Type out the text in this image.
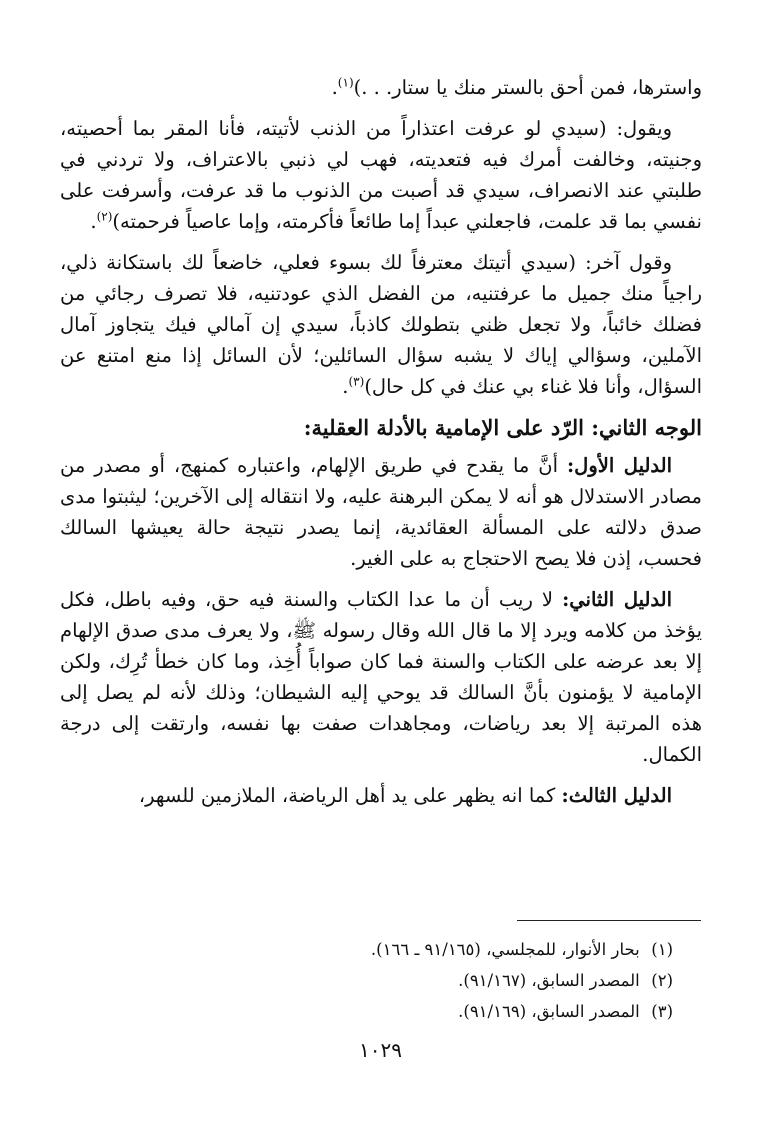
واسترها، فمن أحق بالستر منك يا ستار. . .)$^{(١)}$.

ويقول: (سيدي لو عرفت اعتذاراً من الذنب لأتيته، فأنا المقر بما أحصيته، وجنيته، وخالفت أمرك فيه فتعديته، فهب لي ذنبي بالاعتراف، ولا تردني في طلبتي عند الانصراف، سيدي قد أصبت من الذنوب ما قد عرفت، وأسرفت على نفسي بما قد علمت، فاجعلني عبداً إما طائعاً فأكرمته، وإما عاصياً فرحمته)$^{(٢)}$.

وقول آخر: (سيدي أتيتك معترفاً لك بسوء فعلي، خاضعاً لك باستكانة ذلي، راجياً منك جميل ما عرفتنيه، من الفضل الذي عودتنيه، فلا تصرف رجائي من فضلك خائباً، ولا تجعل ظني بتطولك كاذباً، سيدي إن آمالي فيك يتجاوز آمال الآملين، وسؤالي إياك لا يشبه سؤال السائلين؛ لأن السائل إذا منع امتنع عن السؤال، وأنا فلا غناء بي عنك في كل حال)$^{(٣)}$.

الوجه الثاني: الرّد على الإمامية بالأدلة العقلية:

الدليل الأول: أنَّ ما يقدح في طريق الإلهام، واعتباره كمنهج، أو مصدر من مصادر الاستدلال هو أنه لا يمكن البرهنة عليه، ولا انتقاله إلى الآخرين؛ ليثبتوا مدى صدق دلالته على المسألة العقائدية، إنما يصدر نتيجة حالة يعيشها السالك فحسب، إذن فلا يصح الاحتجاج به على الغير.

الدليل الثاني: لا ريب أن ما عدا الكتاب والسنة فيه حق، وفيه باطل، فكل يؤخذ من كلامه ويرد إلا ما قال الله وقال رسوله ﷺ، ولا يعرف مدى صدق الإلهام إلا بعد عرضه على الكتاب والسنة فما كان صواباً أُخِذ، وما كان خطأ تُرِك، ولكن الإمامية لا يؤمنون بأنَّ السالك قد يوحي إليه الشيطان؛ وذلك لأنه لم يصل إلى هذه المرتبة إلا بعد رياضات، ومجاهدات صفت بها نفسه، وارتقت إلى درجة الكمال.

الدليل الثالث: كما انه يظهر على يد أهل الرياضة، الملازمين للسهر،

(١) بحار الأنوار، للمجلسي، (٩١/١٦٥ ـ ١٦٦).
(٢) المصدر السابق، (٩١/١٦٧).
(٣) المصدر السابق، (٩١/١٦٩).
١٠٢٩
